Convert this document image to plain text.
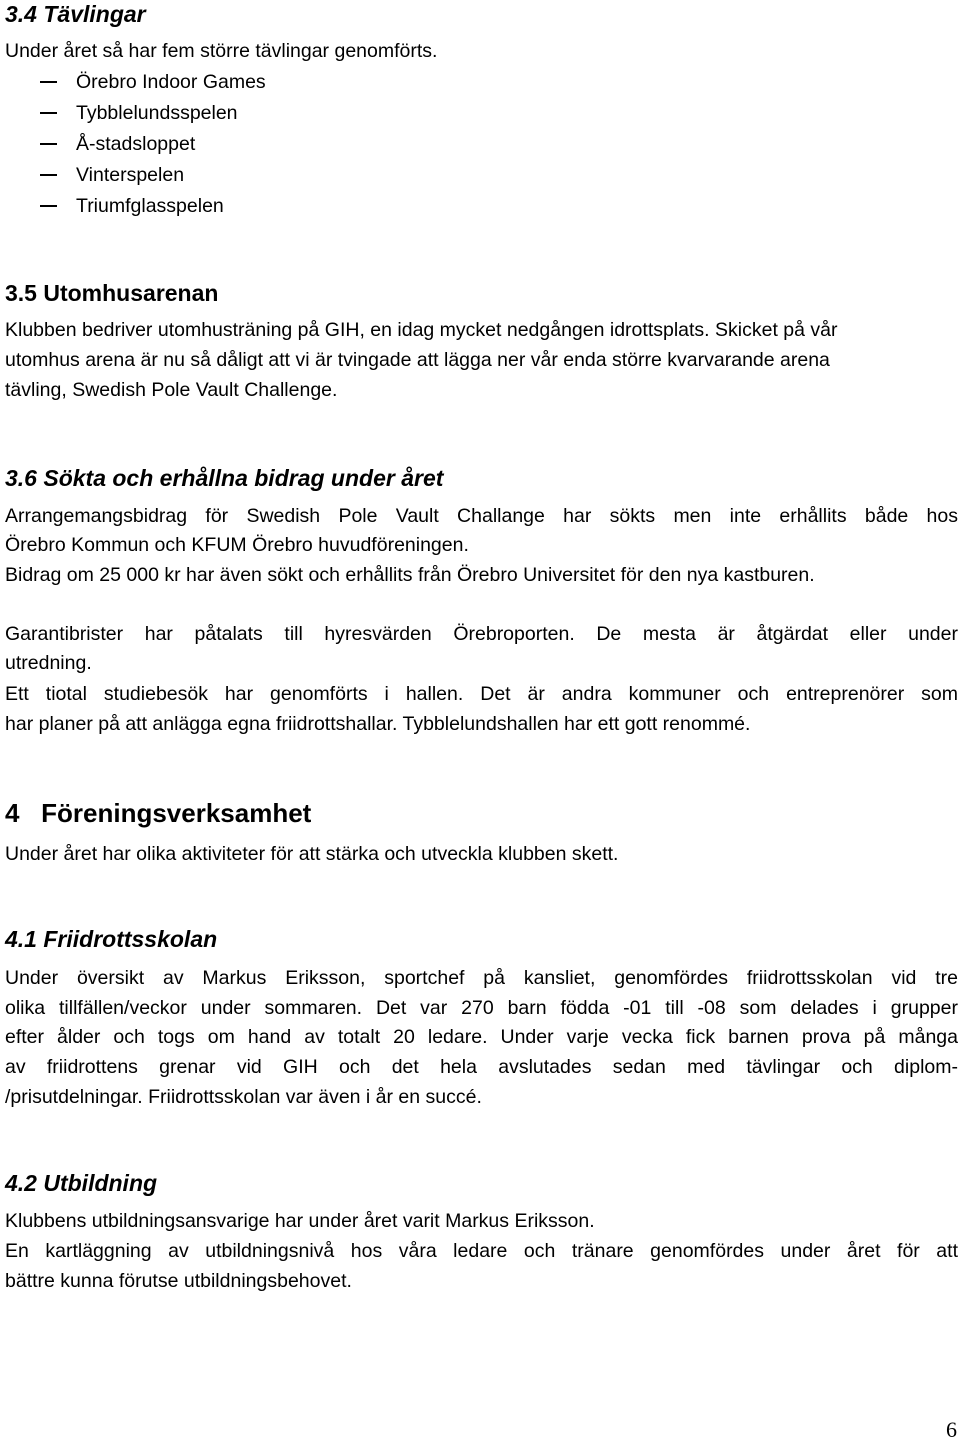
3.4 Tävlingar
Under året så har fem större tävlingar genomförts.
Örebro Indoor Games
Tybblelundsspelen
Å-stadsloppet
Vinterspelen
Triumfglasspelen
3.5 Utomhusarenan
Klubben bedriver utomhusträning på GIH, en idag mycket nedgången idrottsplats. Skicket på vår
utomhus arena är nu så dåligt att vi är tvingade att lägga ner vår enda större kvarvarande arena
tävling, Swedish Pole Vault Challenge.
3.6 Sökta och erhållna bidrag under året
Arrangemangsbidrag för Swedish Pole Vault Challange har sökts men inte erhållits både hos
Örebro Kommun och KFUM Örebro huvudföreningen.
Bidrag om 25 000 kr har även sökt och erhållits från Örebro Universitet för den nya kastburen.
Garantibrister har påtalats till hyresvärden Örebroporten. De mesta är åtgärdat eller under
utredning.
Ett tiotal studiebesök har genomförts i hallen. Det är andra kommuner och entreprenörer som
har planer på att anlägga egna friidrottshallar. Tybblelundshallen har ett gott renommé.
4   Föreningsverksamhet
Under året har olika aktiviteter för att stärka och utveckla klubben skett.
4.1 Friidrottsskolan
Under översikt av Markus Eriksson, sportchef på kansliet, genomfördes friidrottsskolan vid tre
olika tillfällen/veckor under sommaren. Det var 270 barn födda -01 till -08 som delades i grupper
efter ålder och togs om hand av totalt 20 ledare. Under varje vecka fick barnen prova på många
av friidrottens grenar vid GIH och det hela avslutades sedan med tävlingar och diplom-
/prisutdelningar. Friidrottsskolan var även i år en succé.
4.2 Utbildning
Klubbens utbildningsansvarige har under året varit Markus Eriksson.
En kartläggning av utbildningsnivå hos våra ledare och tränare genomfördes under året för att
bättre kunna förutse utbildningsbehovet.
6
